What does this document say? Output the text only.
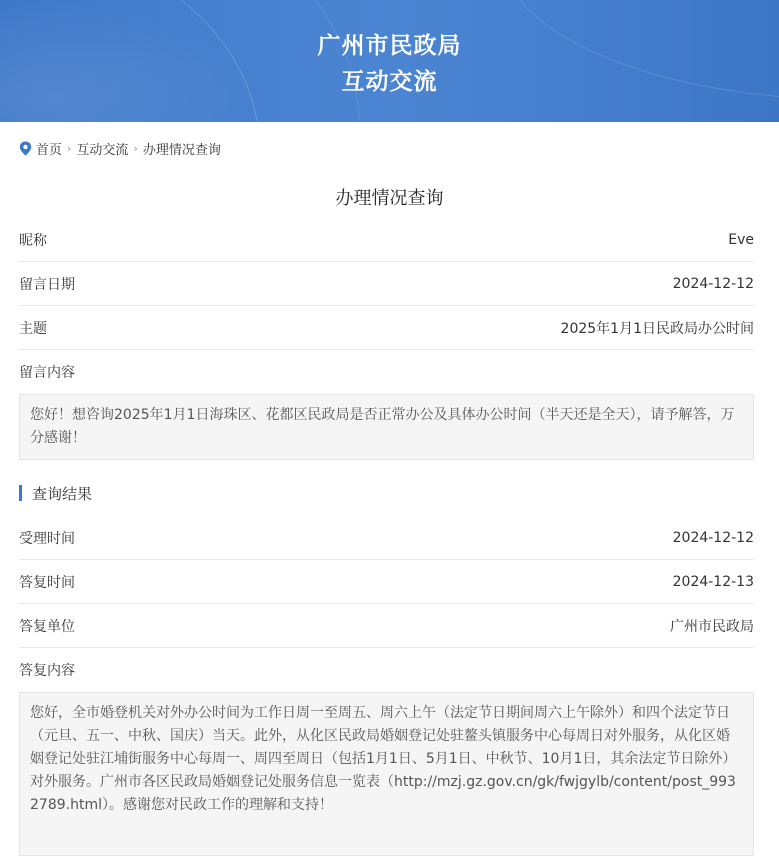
广州市民政局
互动交流
首页 › 互动交流 › 办理情况查询
办理情况查询
昵称	Eve
留言日期	2024-12-12
主题	2025年1月1日民政局办公时间
留言内容
您好！想咨询2025年1月1日海珠区、花都区民政局是否正常办公及具体办公时间（半天还是全天），请予解答，万分感谢！
查询结果
受理时间	2024-12-12
答复时间	2024-12-13
答复单位	广州市民政局
答复内容
您好，全市婚登机关对外办公时间为工作日周一至周五、周六上午（法定节日期间周六上午除外）和四个法定节日（元旦、五一、中秋、国庆）当天。此外，从化区民政局婚姻登记处驻鳌头镇服务中心每周日对外服务，从化区婚姻登记处驻江埔街服务中心每周一、周四至周日（包括1月1日、5月1日、中秋节、10月1日，其余法定节日除外）对外服务。广州市各区民政局婚姻登记处服务信息一览表（http://mzj.gz.gov.cn/gk/fwjgylb/content/post_9932789.html）。感谢您对民政工作的理解和支持！
